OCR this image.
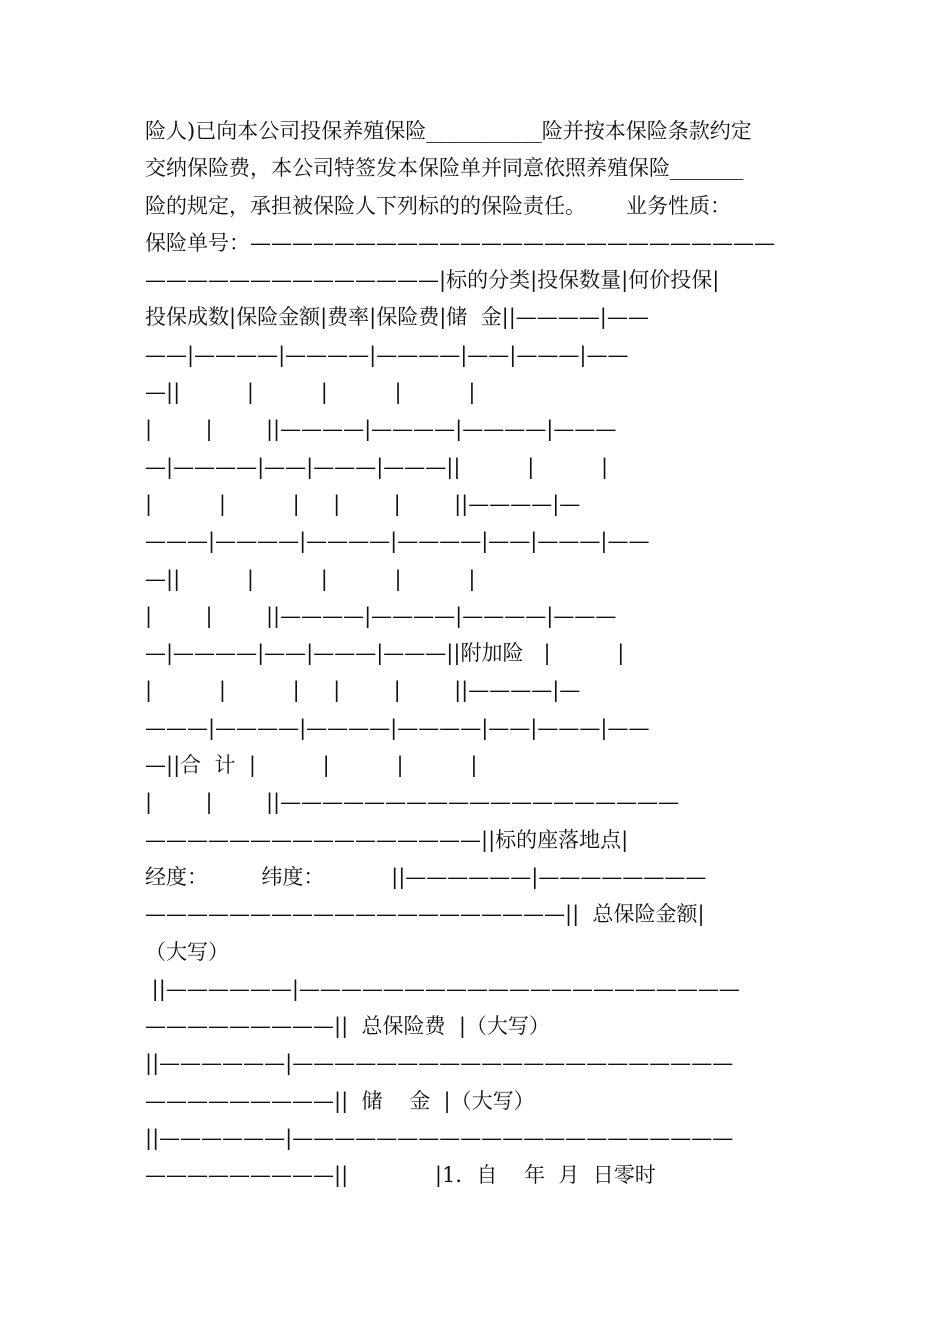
险人)已向本公司投保养殖保险___________险并按本保险条款约定
交纳保险费，本公司特签发本保险单并同意依照养殖保险_______
险的规定，承担被保险人下列标的的保险责任。      业务性质：
保险单号：—————————————————————————
——————————————|标的分类|投保数量|何价投保|
投保成数|保险金额|费率|保险费|储  金||————|——
——|————|————|————|——|———|——
—||          |          |          |          |
|        |        ||————|————|————|———
—|————|——|———|———||          |          |
|          |          |     |        |        ||————|—
———|————|————|————|——|———|——
—||          |          |          |          |
|        |        ||————|————|————|———
—|————|——|———|———||附加险   |          |
|          |          |     |        |        ||————|—
———|————|————|————|——|———|——
—||合  计  |          |          |          |
|        |        ||———————————————————
————————————————||标的座落地点|
经度：        纬度：          ||——————|————————
————————————————————||  总保险金额|
（大写）
||——————|—————————————————————
—————————||  总保险费  |（大写）
||——————|—————————————————————
—————————||  储    金  |（大写）
||——————|—————————————————————
—————————||             |1．自    年  月  日零时
